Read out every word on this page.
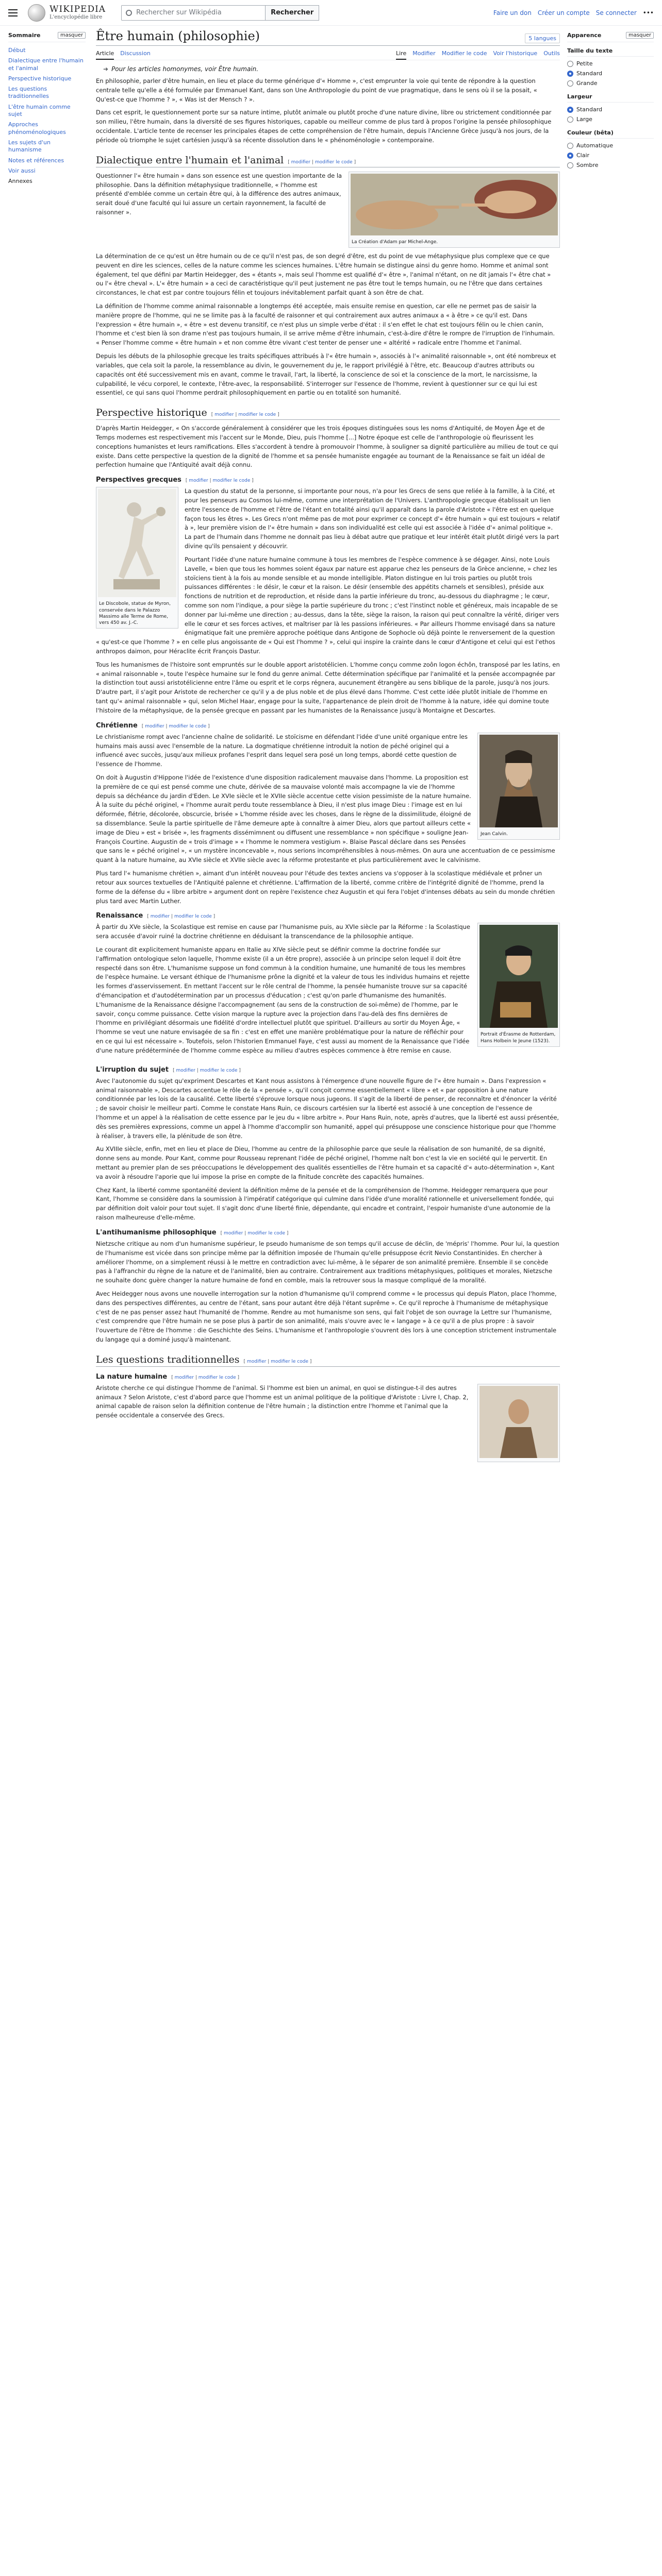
WIKIPEDIA
L'encyclopédie libre
Rechercher sur Wikipédia	Rechercher	Faire un don Créer un compte Se connecter •••
Sommaire	masquer
Début
Dialectique entre l'humain et l'animal
Perspective historique
Les questions traditionnelles
L'être humain comme sujet
Approches phénoménologiques
Les sujets d'un humanisme
Notes et références
Voir aussi
Annexes
Être humain (philosophie)	5 langues
Article Discussion	Lire Modifier Modifier le code Voir l'historique Outils
➜ Pour les articles homonymes, voir Être humain.

En philosophie, parler d'être humain, en lieu et place du terme générique d'« Homme », c'est emprunter la voie qui tente de répondre à la question centrale telle qu'elle a été formulée par Emmanuel Kant, dans son Une Anthropologie du point de vue pragmatique, dans le sens où il se la posait, « Qu'est-ce que l'homme ? », « Was ist der Mensch ? ».

Dans cet esprit, le questionnement porte sur sa nature intime, plutôt animale ou plutôt proche d'une nature divine, libre ou strictement conditionnée par son milieu, l'être humain, dans la diversité de ses figures historiques, capable ou meilleur comme de plus tard à propos l'origine la pensée philosophique occidentale. L'article tente de recenser les principales étapes de cette compréhension de l'être humain, depuis l'Ancienne Grèce jusqu'à nos jours, de la période où triomphe le sujet cartésien jusqu'à sa récente dissolution dans le « phénoménologie » contemporaine.

Dialectique entre l'humain et l'animal [ modifier | modifier le code ]
La Création d'Adam par Michel-Ange.

Questionner l'« être humain » dans son essence est une question importante de la philosophie. Dans la définition métaphysique traditionnelle, « l'homme est présenté d'emblée comme un certain être qui, à la différence des autres animaux, serait doué d'une faculté qui lui assure un certain rayonnement, la faculté de raisonner ».

La détermination de ce qu'est un être humain ou de ce qu'il n'est pas, de son degré d'être, est du point de vue métaphysique plus complexe que ce que peuvent en dire les sciences, celles de la nature comme les sciences humaines. L'être humain se distingue ainsi du genre homo. Homme et animal sont également, tel que défini par Martin Heidegger, des « étants », mais seul l'homme est qualifié d'« être », l'animal n'étant, on ne dit jamais l'« être chat » ou l'« être cheval ». L'« être humain » a ceci de caractéristique qu'il peut justement ne pas être tout le temps humain, ou ne l'être que dans certaines circonstances, le chat est par contre toujours félin et toujours inévitablement parfait quant à son être de chat.

La définition de l'homme comme animal raisonnable a longtemps été acceptée, mais ensuite remise en question, car elle ne permet pas de saisir la manière propre de l'homme, qui ne se limite pas à la faculté de raisonner et qui contrairement aux autres animaux a « à être » ce qu'il est. Dans l'expression « être humain », « être » est devenu transitif, ce n'est plus un simple verbe d'état : il s'en effet le chat est toujours félin ou le chien canin, l'homme et c'est bien là son drame n'est pas toujours humain, il se arrive même d'être inhumain, c'est-à-dire d'être le rompre de l'irruption de l'inhumain. « Penser l'homme comme « être humain » et non comme être vivant c'est tenter de penser une « altérité » radicale entre l'homme et l'animal.

Depuis les débuts de la philosophie grecque les traits spécifiques attribués à l'« être humain », associés à l'« animalité raisonnable », ont été nombreux et variables, que cela soit la parole, la ressemblance au divin, le gouvernement du je, le rapport privilégié à l'être, etc. Beaucoup d'autres attributs ou capacités ont été successivement mis en avant, comme le travail, l'art, la liberté, la conscience de soi et la conscience de la mort, le narcissisme, la culpabilité, le vécu corporel, le contexte, l'être-avec, la responsabilité. S'interroger sur l'essence de l'homme, revient à questionner sur ce qui lui est essentiel, ce qui sans quoi l'homme perdrait philosophiquement en partie ou en totalité son humanité.

Perspective historique [ modifier | modifier le code ]

D'après Martin Heidegger, « On s'accorde généralement à considérer que les trois époques distinguées sous les noms d'Antiquité, de Moyen Âge et de Temps modernes est respectivement mis l'accent sur le Monde, Dieu, puis l'homme [...] Notre époque est celle de l'anthropologie où fleurissent les conceptions humanistes et leurs ramifications. Elles s'accordent à tendre à promouvoir l'homme, à souligner sa dignité particulière au milieu de tout ce qui existe. Dans cette perspective la question de la dignité de l'homme et sa pensée humaniste engagée au tournant de la Renaissance se fait un idéal de perfection humaine que l'Antiquité avait déjà connu.

Perspectives grecques [ modifier | modifier le code ]
Le Discobole, statue de Myron, conservée dans le Palazzo Massimo alle Terme de Rome, vers 450 av. J.-C.

La question du statut de la personne, si importante pour nous, n'a pour les Grecs de sens que reliée à la famille, à la Cité, et pour les penseurs au Cosmos lui-même, comme une interprétation de l'Univers. L'anthropologie grecque établissait un lien entre l'essence de l'homme et l'être de l'étant en totalité ainsi qu'il apparaît dans la parole d'Aristote « l'être est en quelque façon tous les êtres ». Les Grecs n'ont même pas de mot pour exprimer ce concept d'« être humain » qui est toujours « relatif à », leur première vision de l'« être humain » dans son individualité est celle qui est associée à l'idée d'« animal politique ». La part de l'humain dans l'homme ne donnait pas lieu à débat autre que pratique et leur intérêt était plutôt dirigé vers la part divine qu'ils pensaient y découvrir.

Pourtant l'idée d'une nature humaine commune à tous les membres de l'espèce commence à se dégager. Ainsi, note Louis Lavelle, « bien que tous les hommes soient égaux par nature est apparue chez les penseurs de la Grèce ancienne, » chez les stoïciens tient à la fois au monde sensible et au monde intelligible. Platon distingue en lui trois parties ou plutôt trois puissances différentes : le désir, le cœur et la raison. Le désir (ensemble des appétits charnels et sensibles), préside aux fonctions de nutrition et de reproduction, et réside dans la partie inférieure du tronc, au-dessous du diaphragme ; le cœur, comme son nom l'indique, a pour siège la partie supérieure du tronc ; c'est l'instinct noble et généreux, mais incapable de se donner par lui-même une direction ; au-dessus, dans la tête, siège la raison, la raison qui peut connaître la vérité, diriger vers elle le cœur et ses forces actives, et maîtriser par là les passions inférieures. « Par ailleurs l'homme envisagé dans sa nature énigmatique fait une première approche poétique dans Antigone de Sophocle où déjà pointe le renversement de la question « qu'est-ce que l'homme ? » en celle plus angoissante de « Qui est l'homme ? », celui qui inspire la crainte dans le cœur d'Antigone et celui qui est l'ethos anthropos daimon, pour Héraclite écrit François Dastur.

Tous les humanismes de l'histoire sont empruntés sur le double apport aristotélicien. L'homme conçu comme zoôn logon échôn, transposé par les latins, en « animal raisonnable », toute l'espèce humaine sur le fond du genre animal. Cette détermination spécifique par l'animalité et la pensée accompagnée par la distinction tout aussi aristotélicienne entre l'âme ou esprit et le corps régnera, aucunement étrangère au sens biblique de la parole, jusqu'à nos jours. D'autre part, il s'agit pour Aristote de rechercher ce qu'il y a de plus noble et de plus élevé dans l'homme. C'est cette idée plutôt initiale de l'homme en tant qu'« animal raisonnable » qui, selon Michel Haar, engage pour la suite, l'appartenance de plein droit de l'homme à la nature, idée qui domine toute l'histoire de la métaphysique, de la pensée grecque en passant par les humanistes de la Renaissance jusqu'à Montaigne et Descartes.

Chrétienne [ modifier | modifier le code ]
Jean Calvin.

Le christianisme rompt avec l'ancienne chaîne de solidarité. Le stoïcisme en défendant l'idée d'une unité organique entre les humains mais aussi avec l'ensemble de la nature. La dogmatique chrétienne introduit la notion de péché originel qui a influencé avec succès, jusqu'aux milieux profanes l'esprit dans lequel sera posé un long temps, abordé cette question de l'essence de l'homme.

On doit à Augustin d'Hippone l'idée de l'existence d'une disposition radicalement mauvaise dans l'homme. La proposition est la première de ce qui est pensé comme une chute, dérivée de sa mauvaise volonté mais accompagne la vie de l'homme depuis sa déchéance du jardin d'Eden. Le XVIe siècle et le XVIIe siècle accentue cette vision pessimiste de la nature humaine. À la suite du péché originel, « l'homme aurait perdu toute ressemblance à Dieu, il n'est plus image Dieu : l'image est en lui déformée, flétrie, décolorée, obscurcie, brisée » L'homme réside avec les choses, dans le règne de la dissimilitude, éloigné de sa dissemblance. Seule la partie spirituelle de l'âme demeure apte à connaître à aimer Dieu, alors que partout ailleurs cette « image de Dieu » est « brisée », les fragments dissémimnent ou diffusent une ressemblance » non spécifique » souligne Jean-François Courtine. Augustin de « trois d'image » « l'homme le nommera vestigium ». Blaise Pascal déclare dans ses Pensées que sans le « péché originel », « un mystère inconcevable », nous serions incompréhensibles à nous-mêmes. On aura une accentuation de ce pessimisme quant à la nature humaine, au XVIe siècle et XVIIe siècle avec la réforme protestante et plus particulièrement avec le calvinisme.

Plus tard l'« humanisme chrétien », aimant d'un intérêt nouveau pour l'étude des textes anciens va s'opposer à la scolastique médiévale et prôner un retour aux sources textuelles de l'Antiquité païenne et chrétienne. L'affirmation de la liberté, comme critère de l'intégrité dignité de l'homme, prend la forme de la défense du « libre arbitre » argument dont on repère l'existence chez Augustin et qui fera l'objet d'intenses débats au sein du monde chrétien plus tard avec Martin Luther.

Renaissance [ modifier | modifier le code ]
Portrait d'Érasme de Rotterdam, Hans Holbein le Jeune (1523).

À partir du XVe siècle, la Scolastique est remise en cause par l'humanisme puis, au XVIe siècle par la Réforme : la Scolastique sera accusée d'avoir ruiné la doctrine chrétienne en déduisant la transcendance de la philosophie antique.

Le courant dit explicitement humaniste apparu en Italie au XIVe siècle peut se définir comme la doctrine fondée sur l'affirmation ontologique selon laquelle, l'homme existe (il a un être propre), associée à un principe selon lequel il doit être respecté dans son être. L'humanisme suppose un fond commun à la condition humaine, une humanité de tous les membres de l'espèce humaine. Le versant éthique de l'humanisme prône la dignité et la valeur de tous les individus humains et rejette les formes d'asservissement. En mettant l'accent sur le rôle central de l'homme, la pensée humaniste trouve sur sa capacité d'émancipation et d'autodétermination par un processus d'éducation ; c'est qu'on parle d'humanisme des humanités. L'humanisme de la Renaissance désigne l'accompagnement (au sens de la construction de soi-même) de l'homme, par le savoir, conçu comme puissance. Cette vision marque la rupture avec la projection dans l'au-delà des fins dernières de l'homme en privilégiant désormais une fidélité d'ordre intellectuel plutôt que spirituel. D'ailleurs au sortir du Moyen Âge, « l'homme se veut une nature envisagée de sa fin : c'est en effet une manière problématique pour la nature de réfléchir pour en ce qui lui est nécessaire ». Toutefois, selon l'historien Emmanuel Faye, c'est aussi au moment de la Renaissance que l'idée d'une nature prédéterminée de l'homme comme espèce au milieu d'autres espèces commence à être remise en cause.

L'irruption du sujet [ modifier | modifier le code ]

Avec l'autonomie du sujet qu'expriment Descartes et Kant nous assistons à l'émergence d'une nouvelle figure de l'« être humain ». Dans l'expression « animal raisonnable », Descartes accentue le rôle de la « pensée », qu'il conçoit comme essentiellement « libre » et « par opposition à une nature conditionnée par les lois de la causalité. Cette liberté s'éprouve lorsque nous jugeons. Il s'agit de la liberté de penser, de reconnaître et d'énoncer la vérité ; de savoir choisir le meilleur parti. Comme le constate Hans Ruin, ce discours cartésien sur la liberté est associé à une conception de l'essence de l'homme et un appel à la réalisation de cette essence par le jeu du « libre arbitre ». Pour Hans Ruin, note, après d'autres, que la liberté est aussi présentée, dès ses premières expressions, comme un appel à l'homme d'accomplir son humanité, appel qui présuppose une conscience historique pour que l'homme à réaliser, à travers elle, la plénitude de son être.

Au XVIIIe siècle, enfin, met en lieu et place de Dieu, l'homme au centre de la philosophie parce que seule la réalisation de son humanité, de sa dignité, donne sens au monde. Pour Kant, comme pour Rousseau reprenant l'idée de péché originel, l'homme naît bon c'est la vie en société qui le pervertit. En mettant au premier plan de ses préoccupations le développement des qualités essentielles de l'être humain et sa capacité d'« auto-détermination », Kant va avoir à résoudre l'aporie que lui impose la prise en compte de la finitude concrète des capacités humaines.

Chez Kant, la liberté comme spontanéité devient la définition même de la pensée et de la compréhension de l'homme. Heidegger remarquera que pour Kant, l'homme se considère dans la soumission à l'impératif catégorique qui culmine dans l'idée d'une moralité rationnelle et universellement fondée, qui par définition doit valoir pour tout sujet. Il s'agit donc d'une liberté finie, dépendante, qui encadre et contraint, l'espoir humaniste d'une autonomie de la raison malheureuse d'elle-même.

L'antihumanisme philosophique [ modifier | modifier le code ]

Nietzsche critique au nom d'un humanisme supérieur, le pseudo humanisme de son temps qu'il accuse de déclin, de 'mépris' l'homme. Pour lui, la question de l'humanisme est vicée dans son principe même par la définition imposée de l'humain qu'elle présuppose écrit Nevio Constantinides. En chercher à améliorer l'homme, on a simplement réussi à le mettre en contradiction avec lui-même, à le séparer de son animalité première. Ensemble il se concède pas à l'affranchir du règne de la nature et de l'animalité, bien au contraire. Contrairement aux traditions métaphysiques, politiques et morales, Nietzsche ne souhaite donc guère changer la nature humaine de fond en comble, mais la retrouver sous la masque compliqué de la moralité.

Avec Heidegger nous avons une nouvelle interrogation sur la notion d'humanisme qu'il comprend comme « le processus qui depuis Platon, place l'homme, dans des perspectives différentes, au centre de l'étant, sans pour autant être déjà l'étant suprême ». Ce qu'il reproche à l'humanisme de métaphysique c'est de ne pas penser assez haut l'humanité de l'homme. Rendre au mot humanisme son sens, qui fait l'objet de son ouvrage la Lettre sur l'humanisme, c'est comprendre que l'être humain ne se pose plus à partir de son animalité, mais s'ouvre avec le « langage » à ce qu'il a de plus propre : à savoir l'ouverture de l'être de l'homme : die Geschichte des Seins. L'humanisme et l'anthropologie s'ouvrent dès lors à une conception strictement instrumentale du langage qui a dominé jusqu'à maintenant.

Les questions traditionnelles [ modifier | modifier le code ]
La nature humaine [ modifier | modifier le code ]

Aristote cherche ce qui distingue l'homme de l'animal. Si l'homme est bien un animal, en quoi se distingue-t-il des autres animaux ? Selon Aristote, c'est d'abord parce que l'homme est un animal politique de la politique d'Aristote : Livre I, Chap. 2, animal capable de raison selon la définition contenue de l'être humain ; la distinction entre l'homme et l'animal que la pensée occidentale a conservée des Grecs.

Apparence	masquer
Taille du texte
Petite
Standard
Grande
Largeur
Standard
Large
Couleur (bêta)
Automatique
Clair
Sombre
